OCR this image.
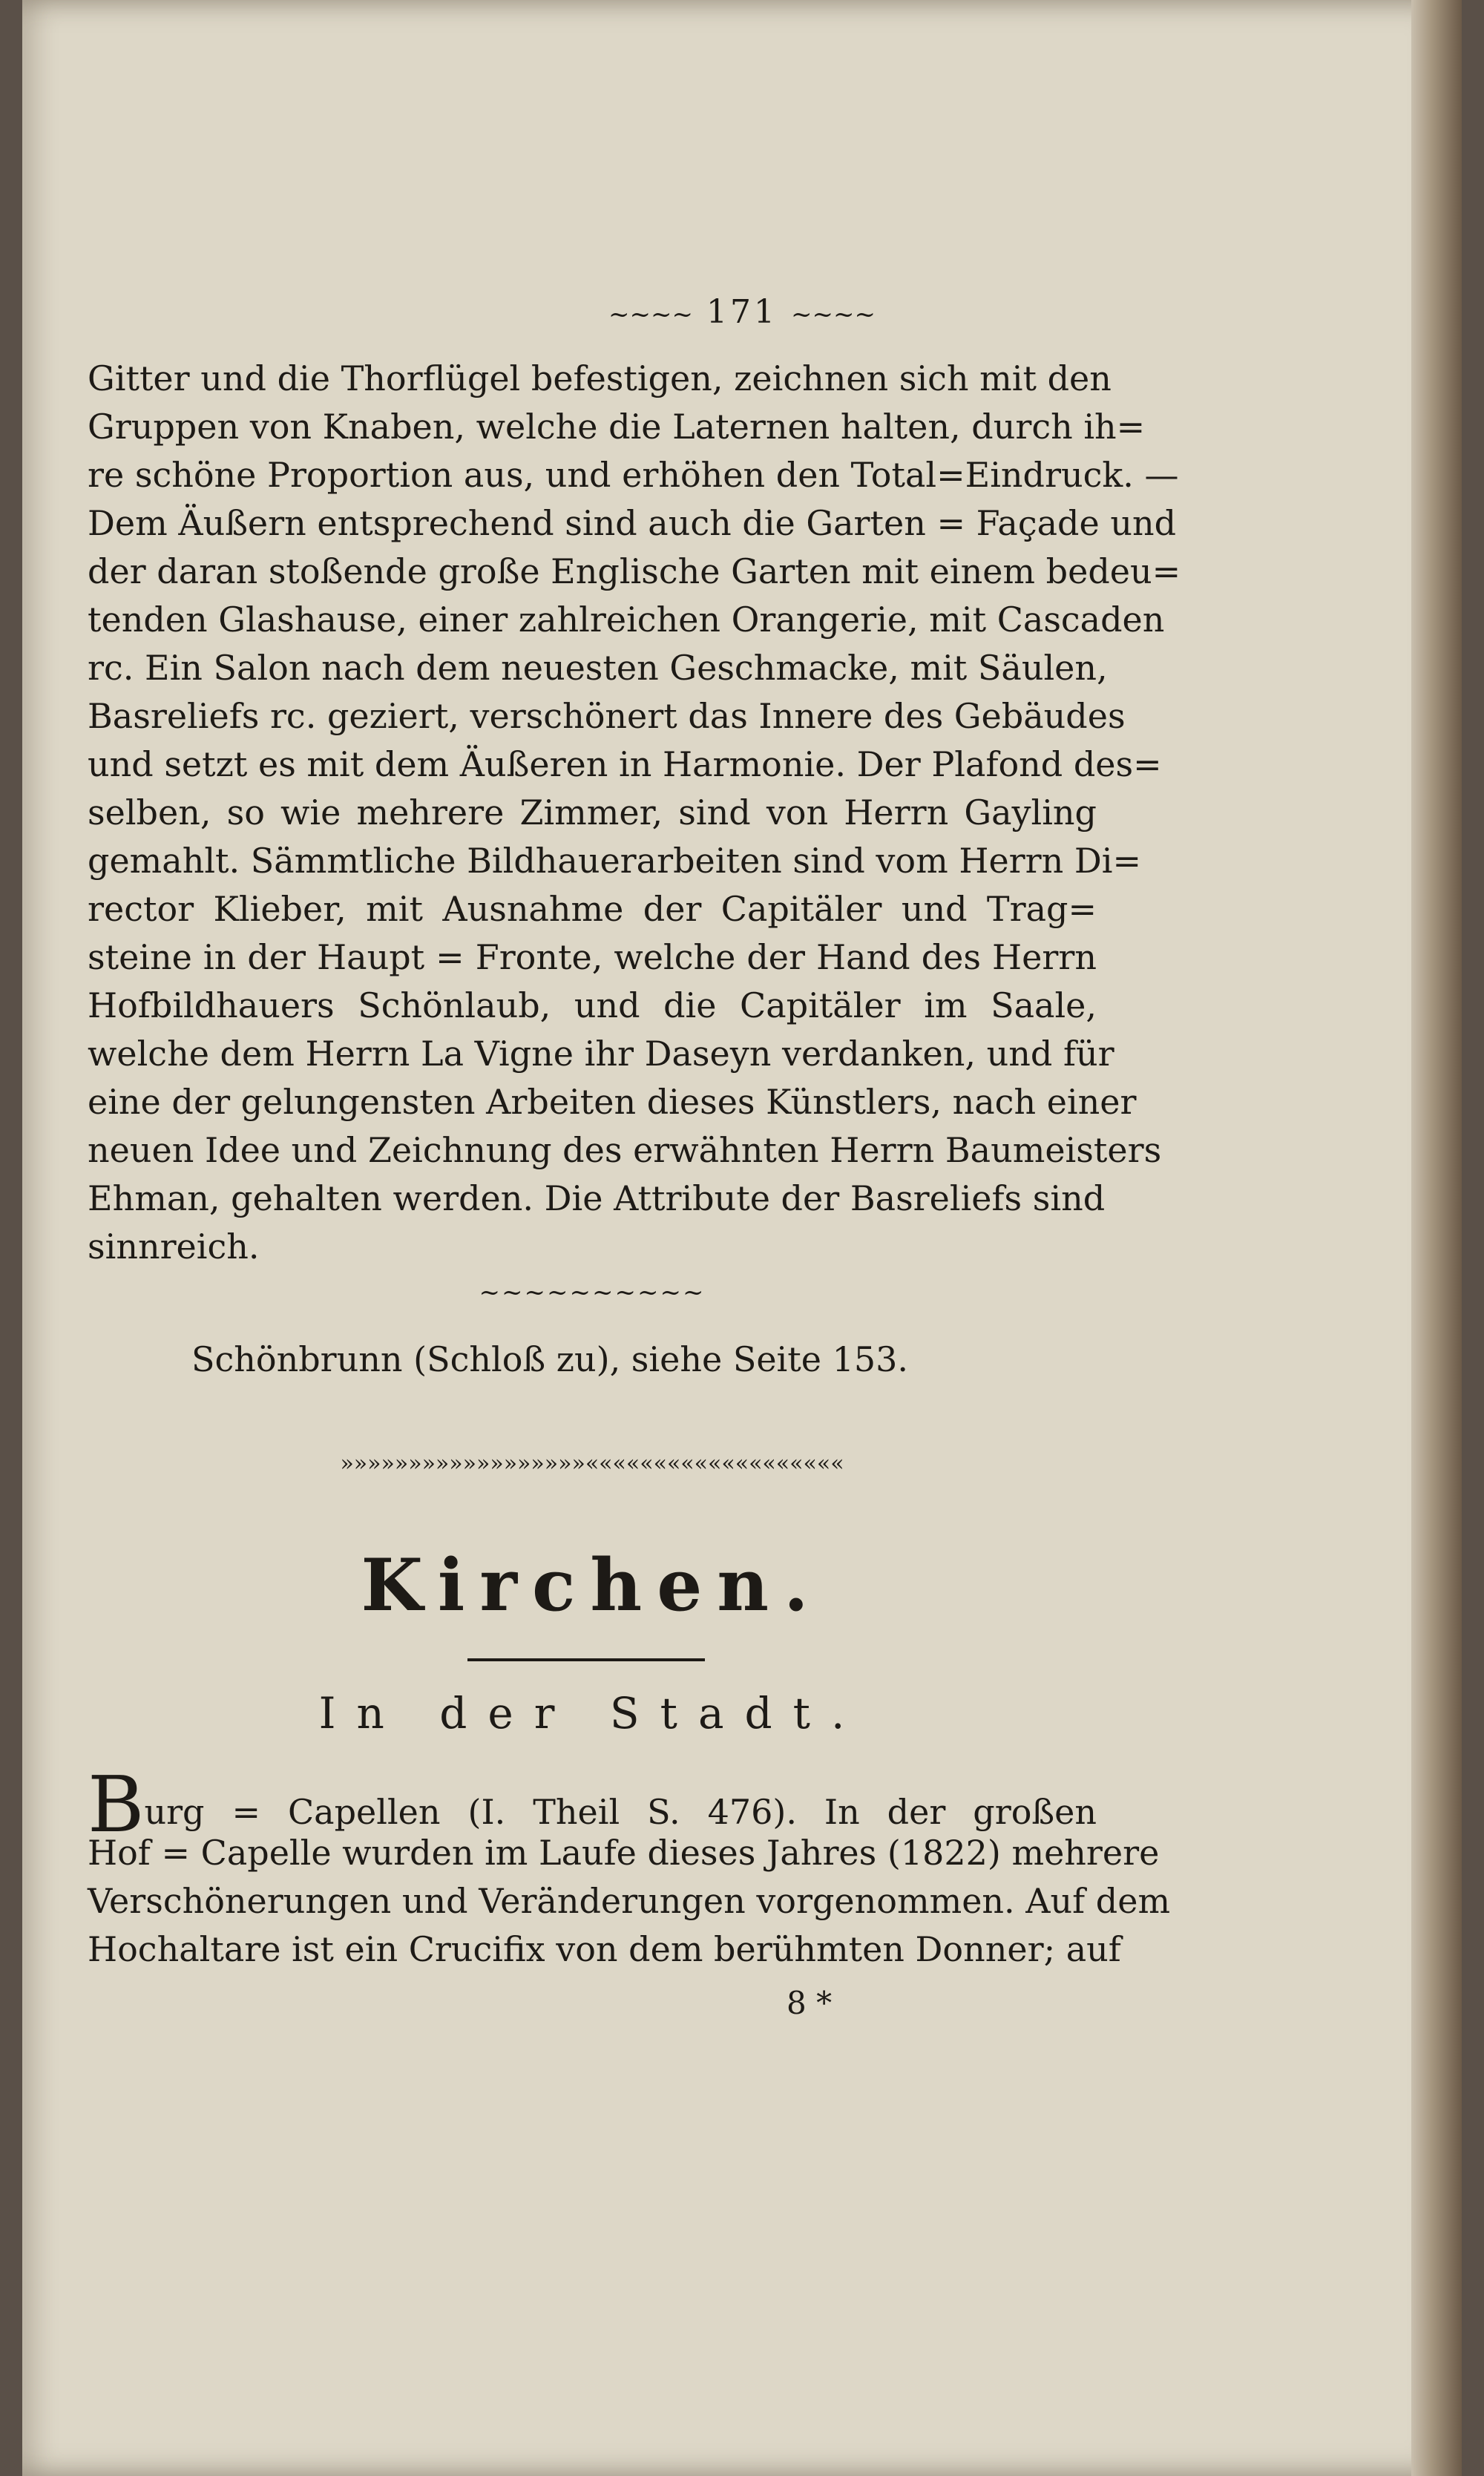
~~~~ 171 ~~~~
Gitter und die Thorflügel befestigen, zeichnen sich mit den
Gruppen von Knaben, welche die Laternen halten, durch ih=
re schöne Proportion aus, und erhöhen den Total=Eindruck. —
Dem Äußern entsprechend sind auch die Garten = Façade und
der daran stoßende große Englische Garten mit einem bedeu=
tenden Glashause, einer zahlreichen Orangerie, mit Cascaden
rc. Ein Salon nach dem neuesten Geschmacke, mit Säulen,
Basreliefs rc. geziert, verschönert das Innere des Gebäudes
und setzt es mit dem Äußeren in Harmonie. Der Plafond des=
selben, so wie mehrere Zimmer, sind von Herrn Gayling
gemahlt. Sämmtliche Bildhauerarbeiten sind vom Herrn Di=
rector Klieber, mit Ausnahme der Capitäler und Trag=
steine in der Haupt = Fronte, welche der Hand des Herrn
Hofbildhauers Schönlaub, und die Capitäler im Saale,
welche dem Herrn La Vigne ihr Daseyn verdanken, und für
eine der gelungensten Arbeiten dieses Künstlers, nach einer
neuen Idee und Zeichnung des erwähnten Herrn Baumeisters
Ehman, gehalten werden. Die Attribute der Basreliefs sind
sinnreich.
~~~~~~~~~~
Schönbrunn (Schloß zu), siehe Seite 153.
»»»»»»»»»»»»»»»»»»«««««««««««««««««««
Kirchen.
In der Stadt.
Burg = Capellen (I. Theil S. 476). In der großen
Hof = Capelle wurden im Laufe dieses Jahres (1822) mehrere
Verschönerungen und Veränderungen vorgenommen. Auf dem
Hochaltare ist ein Crucifix von dem berühmten Donner; auf
8 *
